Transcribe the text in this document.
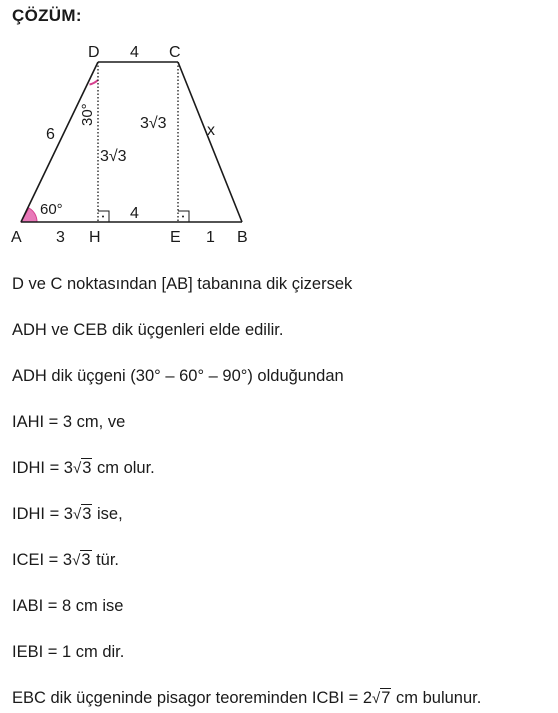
ÇÖZÜM:
D	C
A	H	E	B
4
6	x
3
4
1
3√3
3√3
60°
30°
D ve C noktasından [AB] tabanına dik çizersek
ADH ve CEB dik üçgenleri elde edilir.
ADH dik üçgeni (30° – 60° – 90°) olduğundan
IAHI = 3 cm, ve
IDHI = 3√3 cm olur.
IDHI = 3√3 ise,
ICEI = 3√3 tür.
IABI = 8 cm ise
IEBI = 1 cm dir.
EBC dik üçgeninde pisagor teoreminden ICBI = 2√7 cm bulunur.
